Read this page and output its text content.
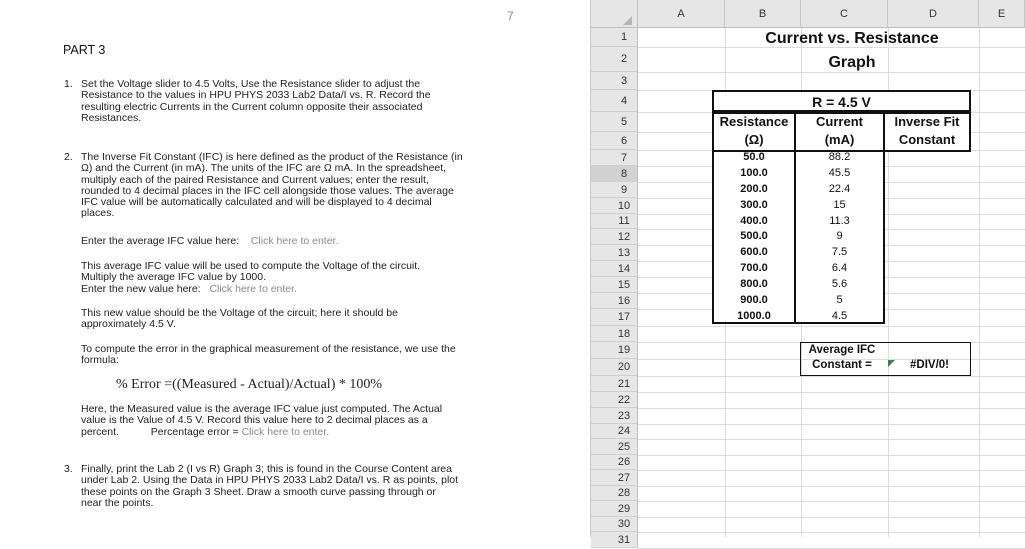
7
PART 3
1. Set the Voltage slider to 4.5 Volts, Use the Resistance slider to adjust the
Resistance to the values in HPU PHYS 2033 Lab2 Data/I vs. R. Record the
resulting electric Currents in the Current column opposite their associated
Resistances.
2. The Inverse Fit Constant (IFC) is here defined as the product of the Resistance (in
Ω) and the Current (in mA). The units of the IFC are Ω mA. In the spreadsheet,
multiply each of the paired Resistance and Current values; enter the result,
rounded to 4 decimal places in the IFC cell alongside those values. The average
IFC value will be automatically calculated and will be displayed to 4 decimal
places.
Enter the average IFC value here: Click here to enter.
This average IFC value will be used to compute the Voltage of the circuit.
Multiply the average IFC value by 1000.
Enter the new value here: Click here to enter.
This new value should be the Voltage of the circuit; here it should be
approximately 4.5 V.
To compute the error in the graphical measurement of the resistance, we use the
formula:
% Error =((Measured - Actual)/Actual) * 100%
Here, the Measured value is the average IFC value just computed. The Actual
value is the Value of 4.5 V. Record this value here to 2 decimal places as a
percent.	Percentage error = Click here to enter.
3. Finally, print the Lab 2 (I vs R) Graph 3; this is found in the Course Content area
under Lab 2. Using the Data in HPU PHYS 2033 Lab2 Data/I vs. R as points, plot
these points on the Graph 3 Sheet. Draw a smooth curve passing through or
near the points.
A	B	C	D	E
1
2
3
4
5
6
7
8
9
10
11
12
13
14
15
16
17
18
19
20
21
22
23
24
25
26
27
28
29
30
31
Current vs. Resistance
Graph
R = 4.5 V
Resistance
(Ω)
Current
(mA)
Inverse Fit
Constant
50.0	88.2
100.0	45.5
200.0	22.4
300.0	15
400.0	11.3
500.0	9
600.0	7.5
700.0	6.4
800.0	5.6
900.0	5
1000.0	4.5
Average IFC
Constant =	#DIV/0!
